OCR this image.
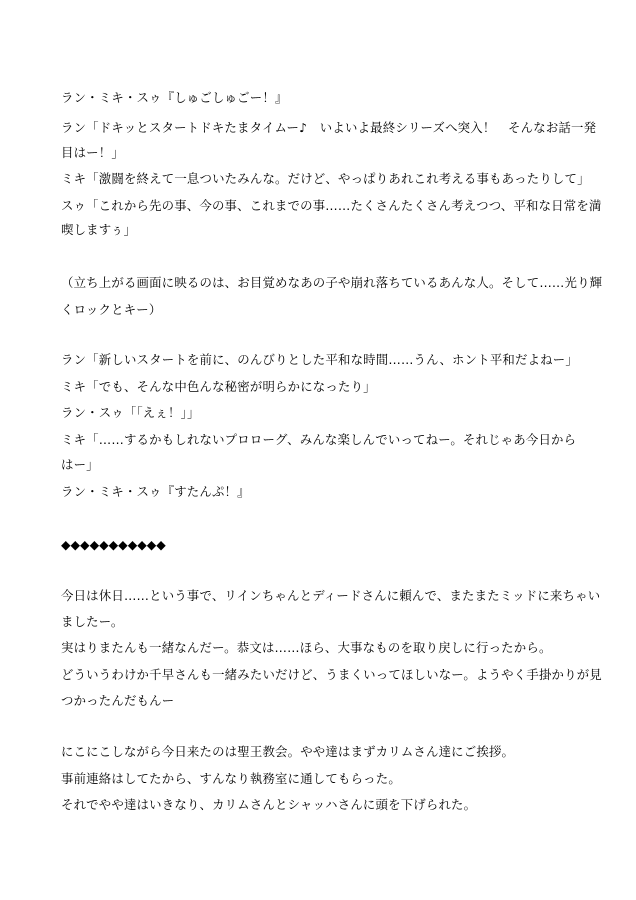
ラン・ミキ・スゥ『しゅごしゅごー！』
ラン「ドキッとスタートドキたまタイムー♪　いよいよ最終シリーズへ突入！　そんなお話一発
目はー！」
ミキ「激闘を終えて一息ついたみんな。だけど、やっぱりあれこれ考える事もあったりして」
スゥ「これから先の事、今の事、これまでの事……たくさんたくさん考えつつ、平和な日常を満
喫しますぅ」
（立ち上がる画面に映るのは、お目覚めなあの子や崩れ落ちているあんな人。そして……光り輝
くロックとキー）
ラン「新しいスタートを前に、のんびりとした平和な時間……うん、ホント平和だよねー」
ミキ「でも、そんな中色んな秘密が明らかになったり」
ラン・スゥ「「えぇ！」」
ミキ「……するかもしれないプロローグ、みんな楽しんでいってねー。それじゃあ今日から
はー」
ラン・ミキ・スゥ『すたんぷ！』
◆◆◆◆◆◆◆◆◆◆◆
今日は休日……という事で、リインちゃんとディードさんに頼んで、またまたミッドに来ちゃい
ましたー。
実はりまたんも一緒なんだー。恭文は……ほら、大事なものを取り戻しに行ったから。
どういうわけか千早さんも一緒みたいだけど、うまくいってほしいなー。ようやく手掛かりが見
つかったんだもんー
にこにこしながら今日来たのは聖王教会。やや達はまずカリムさん達にご挨拶。
事前連絡はしてたから、すんなり執務室に通してもらった。
それでやや達はいきなり、カリムさんとシャッハさんに頭を下げられた。
